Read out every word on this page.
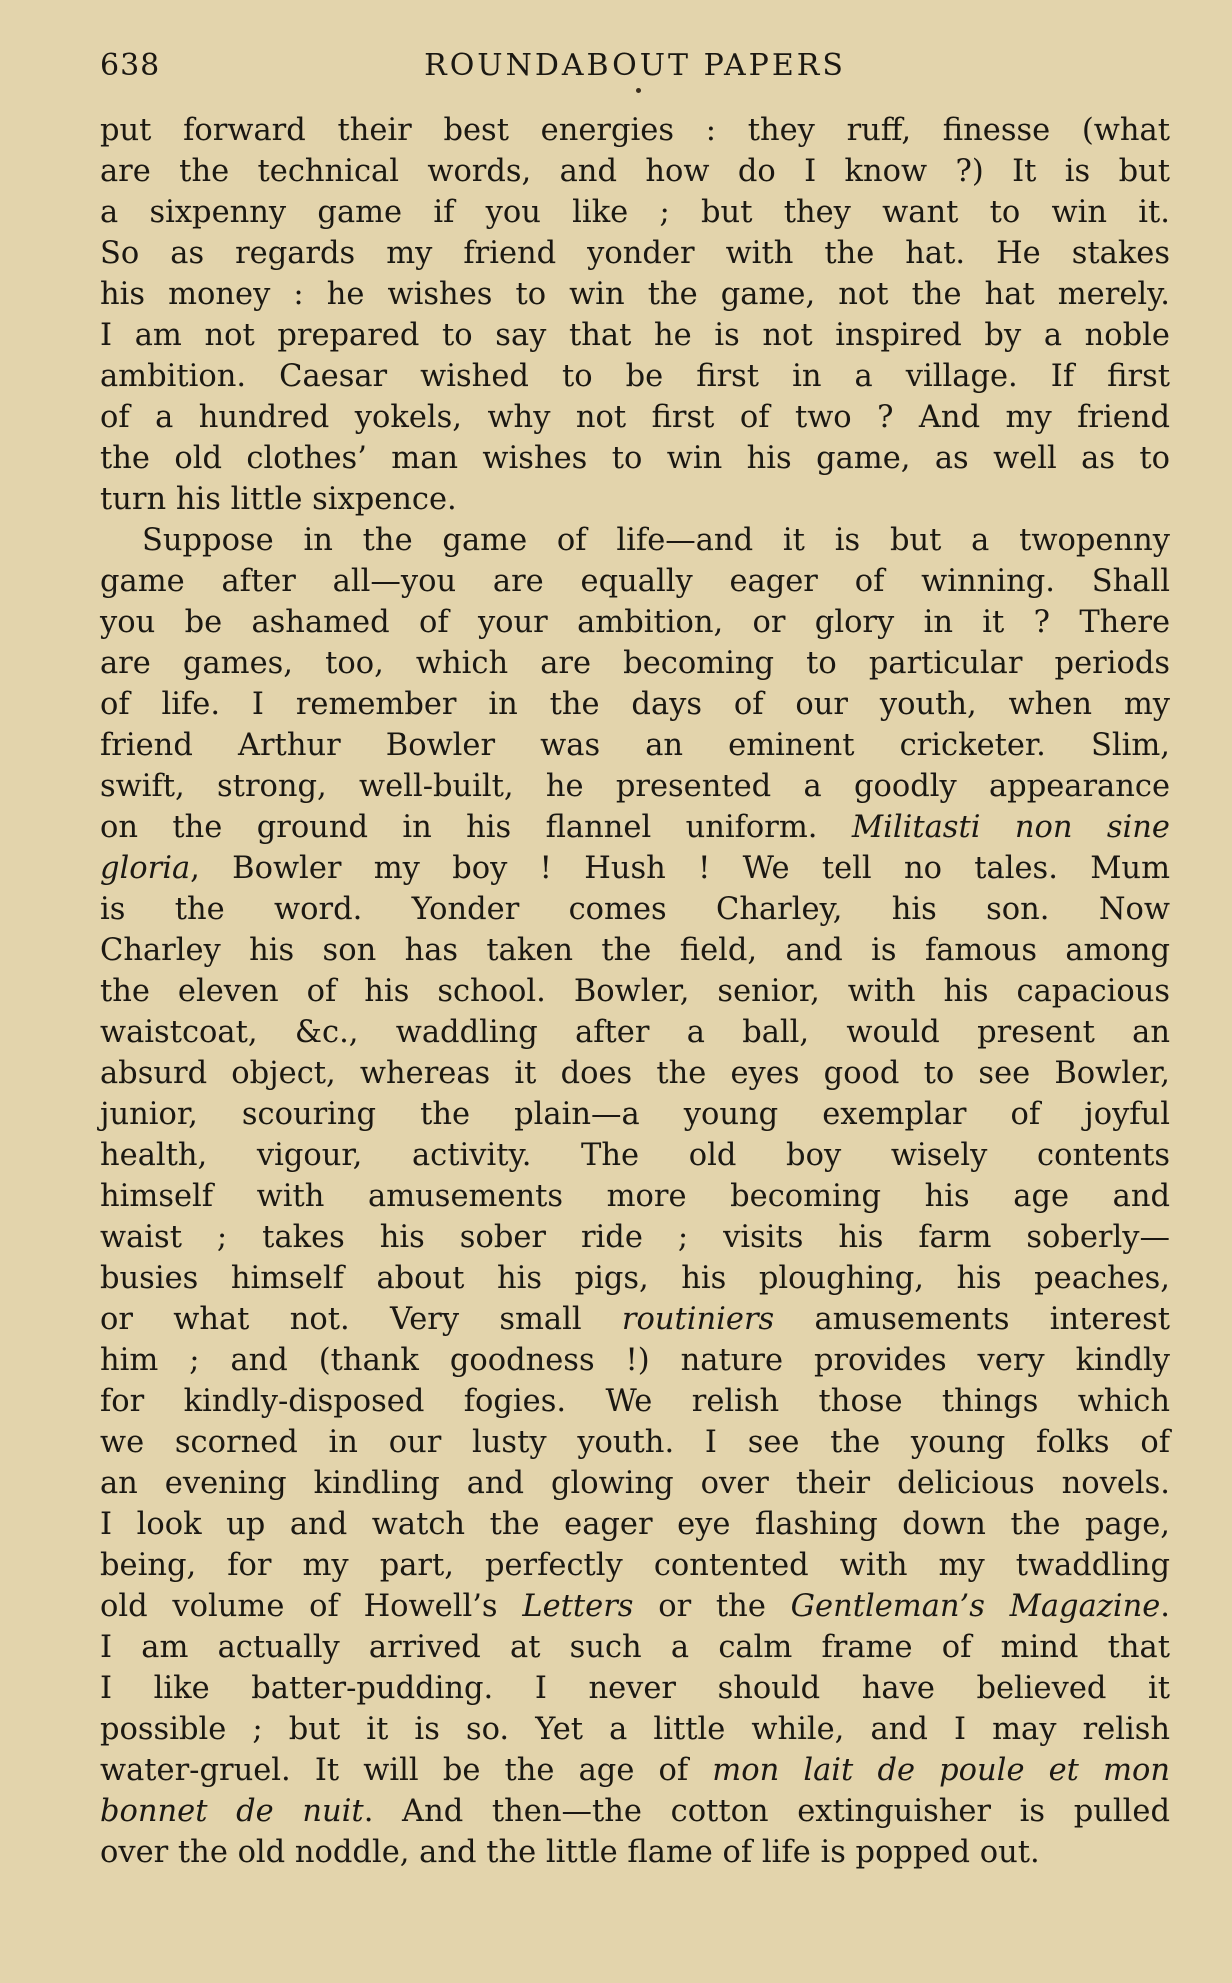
638	ROUNDABOUT PAPERS
put forward their best energies : they ruff, finesse (what
are the technical words, and how do I know ?) It is but
a sixpenny game if you like ; but they want to win it.
So as regards my friend yonder with the hat. He stakes
his money : he wishes to win the game, not the hat merely.
I am not prepared to say that he is not inspired by a noble
ambition. Caesar wished to be first in a village. If first
of a hundred yokels, why not first of two ? And my friend
the old clothes’ man wishes to win his game, as well as to
turn his little sixpence.
Suppose in the game of life—and it is but a twopenny
game after all—you are equally eager of winning. Shall
you be ashamed of your ambition, or glory in it ? There
are games, too, which are becoming to particular periods
of life. I remember in the days of our youth, when my
friend Arthur Bowler was an eminent cricketer. Slim,
swift, strong, well-built, he presented a goodly appearance
on the ground in his flannel uniform. Militasti non sine
gloria, Bowler my boy ! Hush ! We tell no tales. Mum
is the word. Yonder comes Charley, his son. Now
Charley his son has taken the field, and is famous among
the eleven of his school. Bowler, senior, with his capacious
waistcoat, &c., waddling after a ball, would present an
absurd object, whereas it does the eyes good to see Bowler,
junior, scouring the plain—a young exemplar of joyful
health, vigour, activity. The old boy wisely contents
himself with amusements more becoming his age and
waist ; takes his sober ride ; visits his farm soberly—
busies himself about his pigs, his ploughing, his peaches,
or what not. Very small routiniers amusements interest
him ; and (thank goodness !) nature provides very kindly
for kindly-disposed fogies. We relish those things which
we scorned in our lusty youth. I see the young folks of
an evening kindling and glowing over their delicious novels.
I look up and watch the eager eye flashing down the page,
being, for my part, perfectly contented with my twaddling
old volume of Howell’s Letters or the Gentleman’s Magazine.
I am actually arrived at such a calm frame of mind that
I like batter-pudding. I never should have believed it
possible ; but it is so. Yet a little while, and I may relish
water-gruel. It will be the age of mon lait de poule et mon
bonnet de nuit. And then—the cotton extinguisher is pulled
over the old noddle, and the little flame of life is popped out.
